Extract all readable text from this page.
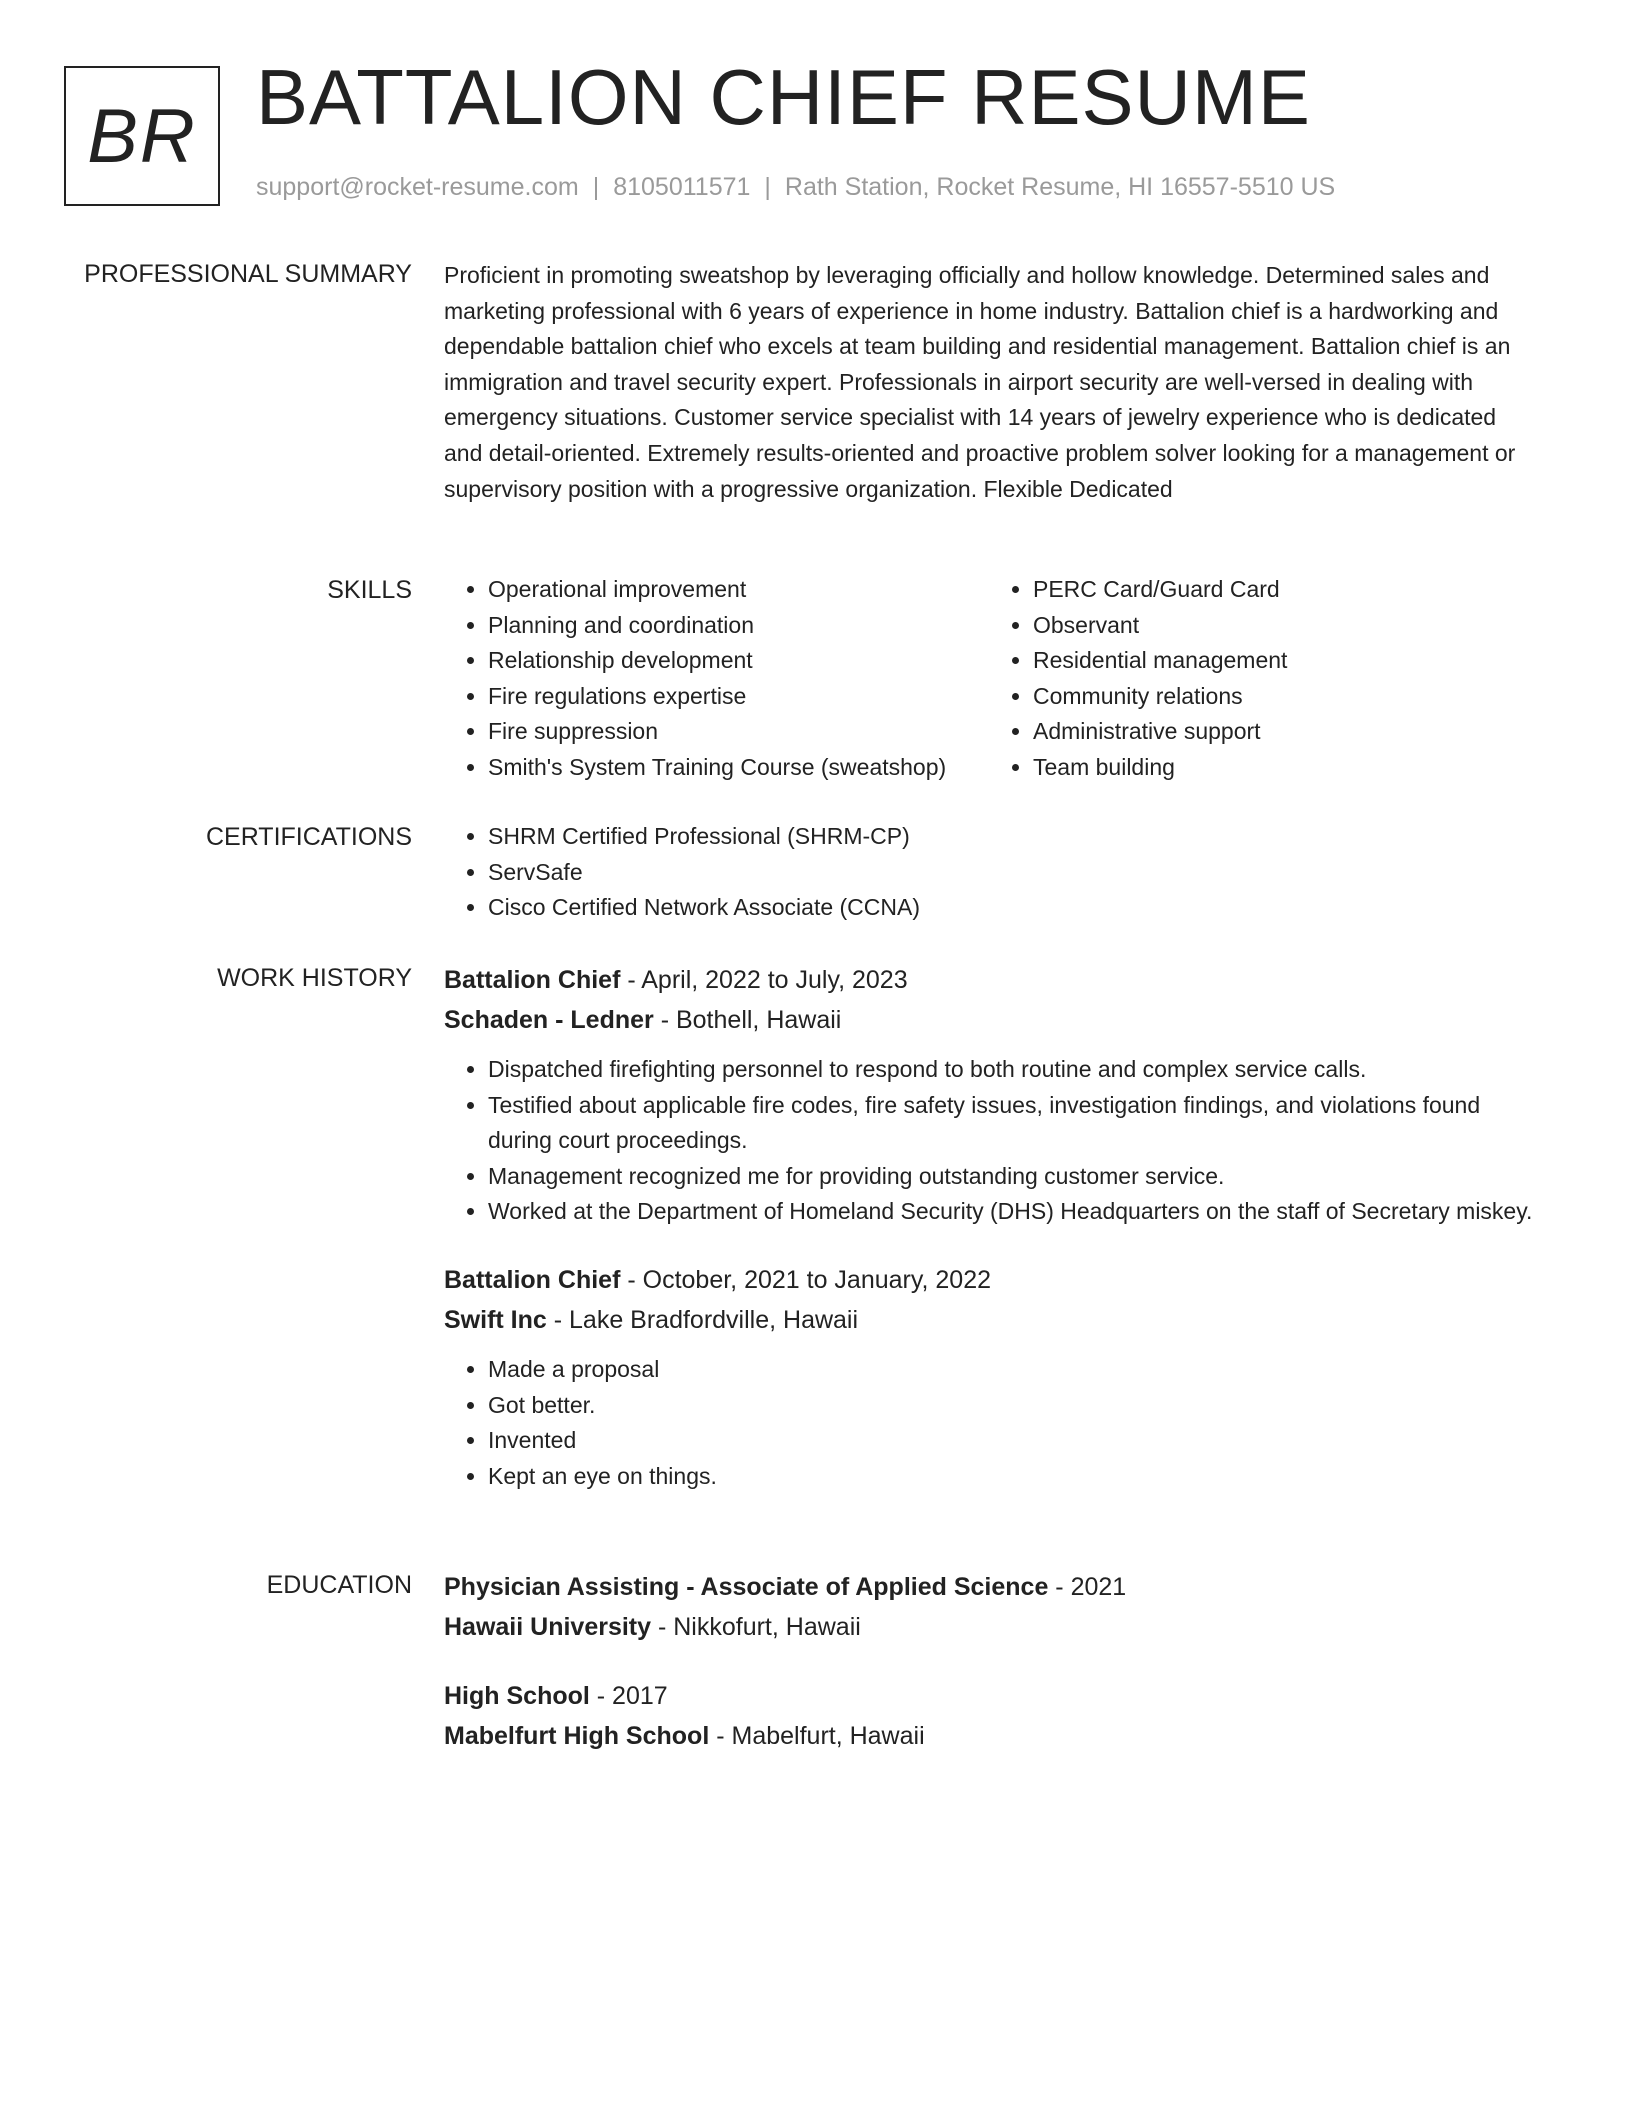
BR BATTALION CHIEF RESUME
support@rocket-resume.com | 8105011571 | Rath Station, Rocket Resume, HI 16557-5510 US
PROFESSIONAL SUMMARY Proficient in promoting sweatshop by leveraging officially and hollow knowledge. Determined sales and marketing professional with 6 years of experience in home industry. Battalion chief is a hardworking and dependable battalion chief who excels at team building and residential management. Battalion chief is an immigration and travel security expert. Professionals in airport security are well-versed in dealing with emergency situations. Customer service specialist with 14 years of jewelry experience who is dedicated and detail-oriented. Extremely results-oriented and proactive problem solver looking for a management or supervisory position with a progressive organization. Flexible Dedicated
SKILLS	• Operational improvement
• Planning and coordination
• Relationship development
• Fire regulations expertise
• Fire suppression
• Smith's System Training Course (sweatshop)
• PERC Card/Guard Card
• Observant
• Residential management
• Community relations
• Administrative support
• Team building
CERTIFICATIONS	• SHRM Certified Professional (SHRM-CP)
• ServSafe
• Cisco Certified Network Associate (CCNA)
WORK HISTORY Battalion Chief - April, 2022 to July, 2023
Schaden - Ledner - Bothell, Hawaii
• Dispatched firefighting personnel to respond to both routine and complex service calls.
• Testified about applicable fire codes, fire safety issues, investigation findings, and violations found during court proceedings.
• Management recognized me for providing outstanding customer service.
• Worked at the Department of Homeland Security (DHS) Headquarters on the staff of Secretary miskey.
Battalion Chief - October, 2021 to January, 2022
Swift Inc - Lake Bradfordville, Hawaii
• Made a proposal
• Got better.
• Invented
• Kept an eye on things.
EDUCATION Physician Assisting - Associate of Applied Science - 2021
Hawaii University - Nikkofurt, Hawaii
High School - 2017
Mabelfurt High School - Mabelfurt, Hawaii
